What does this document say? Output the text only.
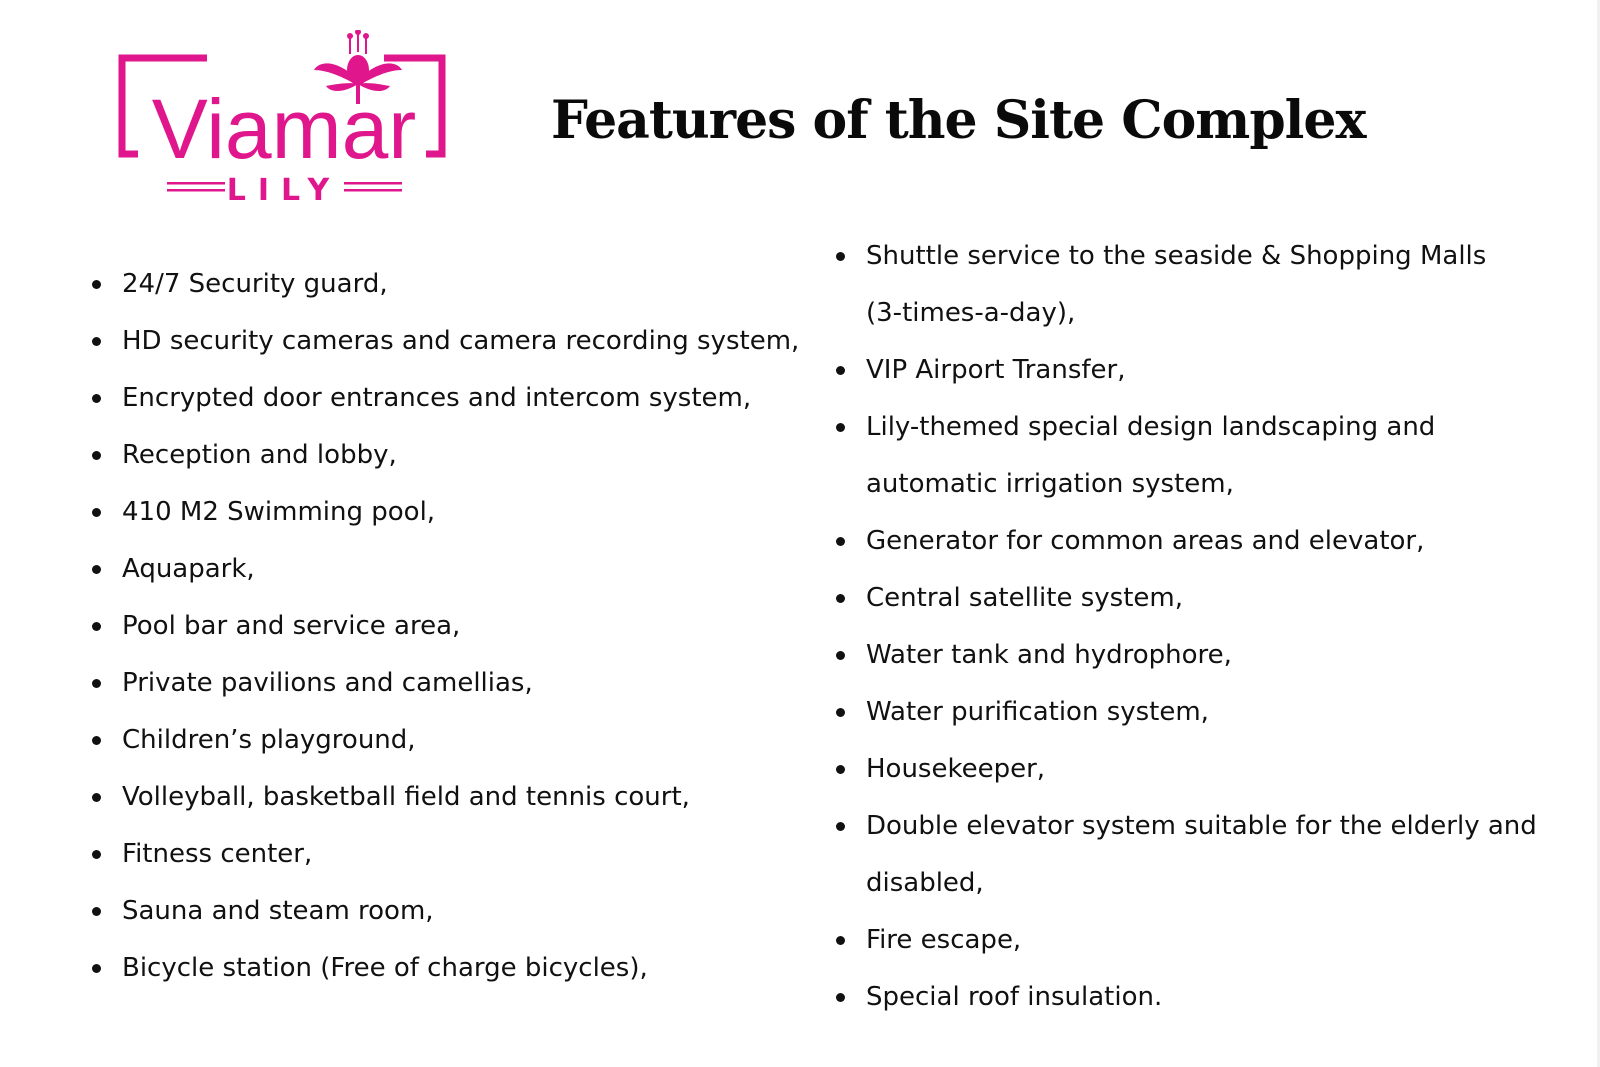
Viamar
LILY
Features of the Site Complex
24/7 Security guard,
HD security cameras and camera recording system,
Encrypted door entrances and intercom system,
Reception and lobby,
410 M2 Swimming pool,
Aquapark,
Pool bar and service area,
Private pavilions and camellias,
Children’s playground,
Volleyball, basketball field and tennis court,
Fitness center,
Sauna and steam room,
Bicycle station (Free of charge bicycles),
Shuttle service to the seaside & Shopping Malls
(3-times-a-day),
VIP Airport Transfer,
Lily-themed special design landscaping and
automatic irrigation system,
Generator for common areas and elevator,
Central satellite system,
Water tank and hydrophore,
Water purification system,
Housekeeper,
Double elevator system suitable for the elderly and
disabled,
Fire escape,
Special roof insulation.
